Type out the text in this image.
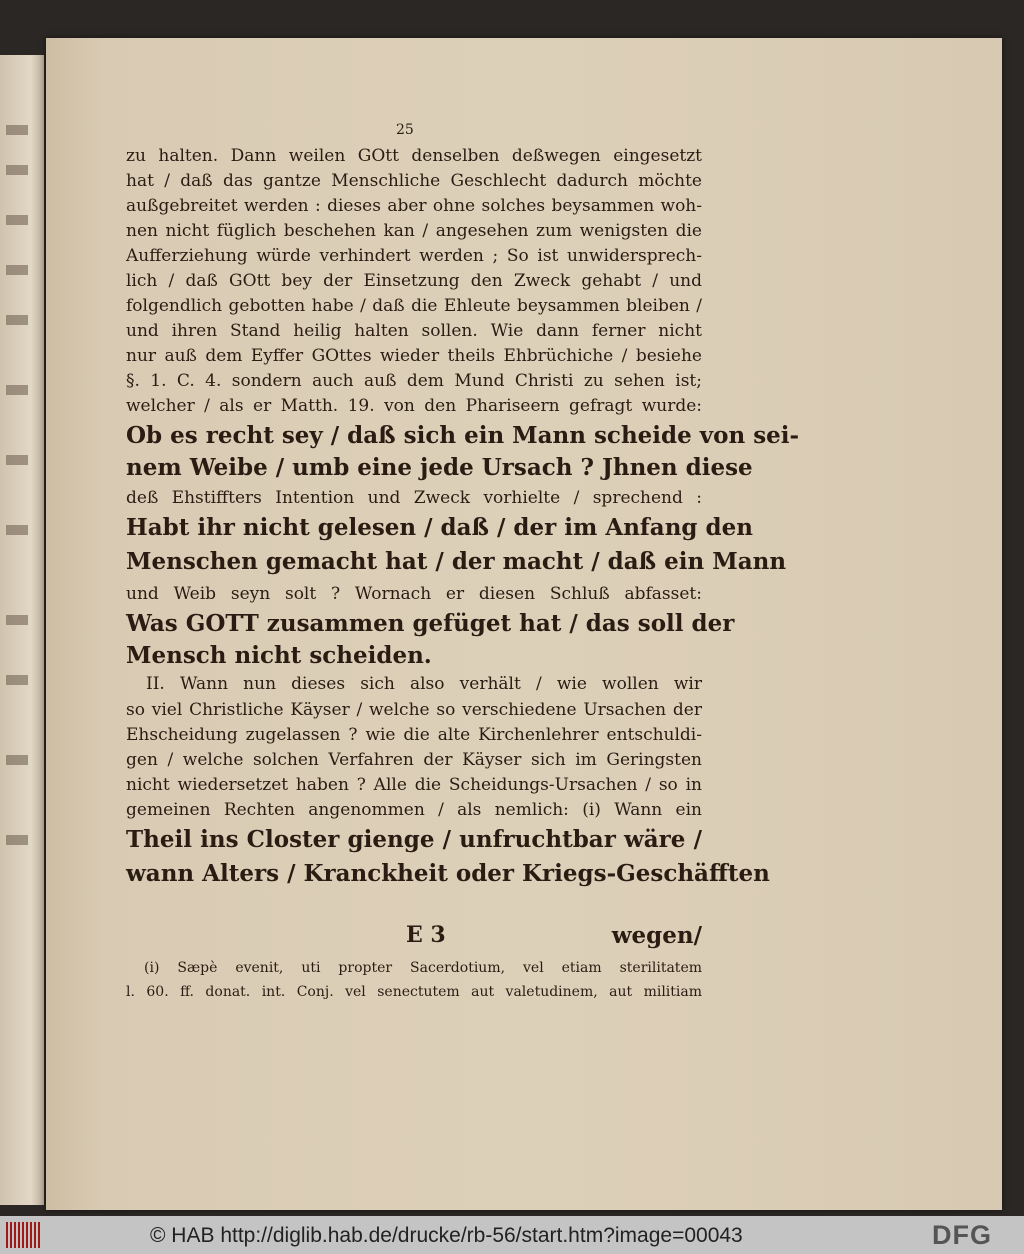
25
zu halten. Dann weilen GOtt denselben deßwegen eingesetzt
hat / daß das gantze Menschliche Geschlecht dadurch möchte
außgebreitet werden : dieses aber ohne solches beysammen woh-
nen nicht füglich beschehen kan / angesehen zum wenigsten die
Aufferziehung würde verhindert werden ; So ist unwidersprech-
lich / daß GOtt bey der Einsetzung den Zweck gehabt / und
folgendlich gebotten habe / daß die Ehleute beysammen bleiben /
und ihren Stand heilig halten sollen. Wie dann ferner nicht
nur auß dem Eyffer GOttes wieder theils Ehbrüchiche / besiehe
§. 1. C. 4. sondern auch auß dem Mund Christi zu sehen ist;
welcher / als er Matth. 19. von den Phariseern gefragt wurde:
Ob es recht sey / daß sich ein Mann scheide von sei-
nem Weibe / umb eine jede Ursach ? Jhnen diese
deß Ehstiffters Intention und Zweck vorhielte / sprechend :
Habt ihr nicht gelesen / daß / der im Anfang den
Menschen gemacht hat / der macht / daß ein Mann
und Weib seyn solt ? Wornach er diesen Schluß abfasset:
Was GOTT zusammen gefüget hat / das soll der
Mensch nicht scheiden.
II. Wann nun dieses sich also verhält / wie wollen wir
so viel Christliche Käyser / welche so verschiedene Ursachen der
Ehscheidung zugelassen ? wie die alte Kirchenlehrer entschuldi-
gen / welche solchen Verfahren der Käyser sich im Geringsten
nicht wiedersetzet haben ? Alle die Scheidungs-Ursachen / so in
gemeinen Rechten angenommen / als nemlich: (i) Wann ein
Theil ins Closter gienge / unfruchtbar wäre /
wann Alters / Kranckheit oder Kriegs-Geschäfften
E 3	wegen/
(i) Sæpè evenit, uti propter Sacerdotium, vel etiam sterilitatem
l. 60. ff. donat. int. Conj. vel senectutem aut valetudinem, aut militiam
© HAB http://diglib.hab.de/drucke/rb-56/start.htm?image=00043	DFG
